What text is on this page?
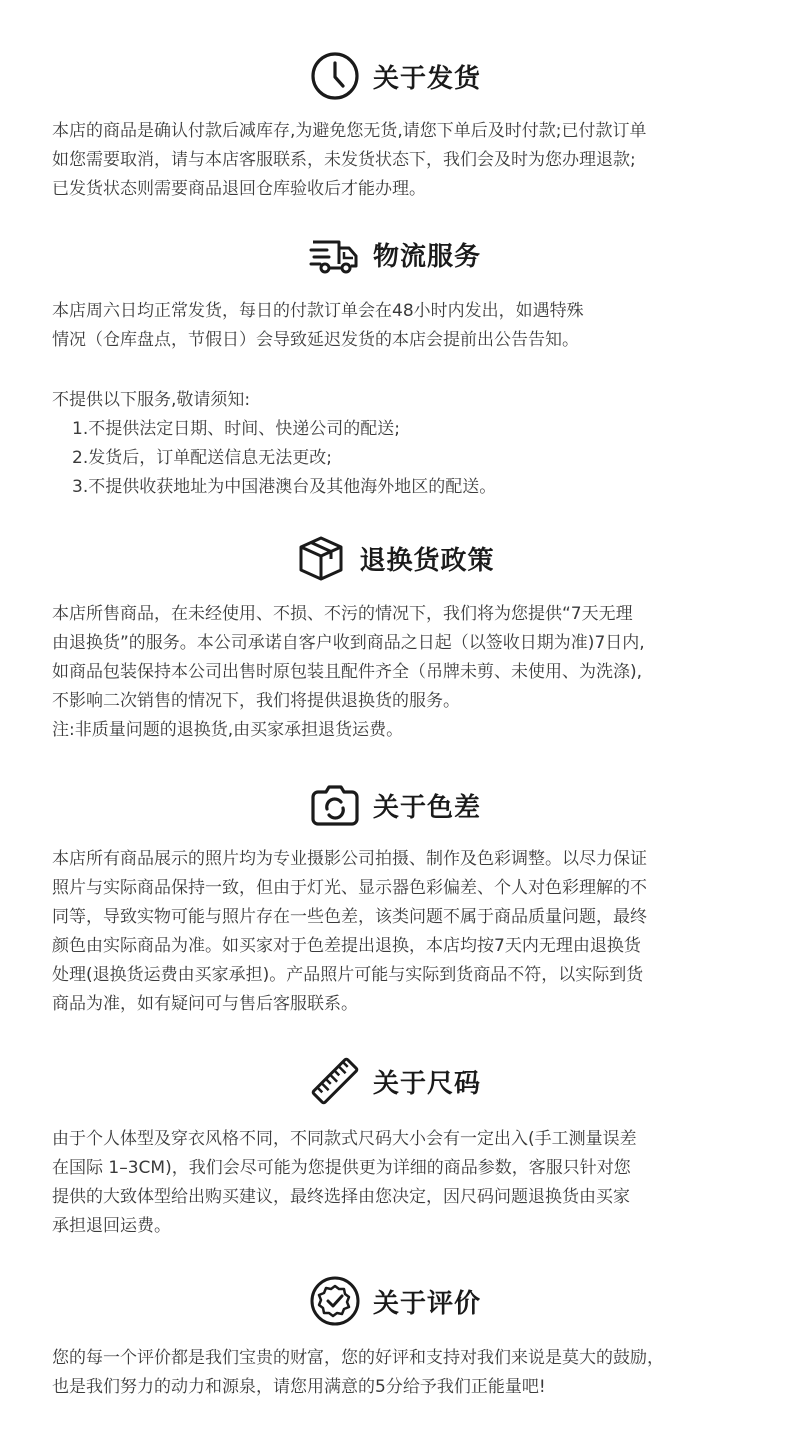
关于发货

本店的商品是确认付款后减库存,为避免您无货,请您下单后及时付款;已付款订单
如您需要取消，请与本店客服联系，未发货状态下，我们会及时为您办理退款;
已发货状态则需要商品退回仓库验收后才能办理。

物流服务

本店周六日均正常发货，每日的付款订单会在48小时内发出，如遇特殊
情况（仓库盘点，节假日）会导致延迟发货的本店会提前出公告告知。

不提供以下服务,敬请须知:
1.不提供法定日期、时间、快递公司的配送;
2.发货后，订单配送信息无法更改;
3.不提供收获地址为中国港澳台及其他海外地区的配送。
退换货政策

本店所售商品，在未经使用、不损、不污的情况下，我们将为您提供“7天无理
由退换货”的服务。本公司承诺自客户收到商品之日起（以签收日期为准)7日内,
如商品包装保持本公司出售时原包装且配件齐全（吊牌未剪、未使用、为洗涤),
不影响二次销售的情况下，我们将提供退换货的服务。
注:非质量问题的退换货,由买家承担退货运费。

关于色差

本店所有商品展示的照片均为专业摄影公司拍摄、制作及色彩调整。以尽力保证
照片与实际商品保持一致，但由于灯光、显示器色彩偏差、个人对色彩理解的不
同等，导致实物可能与照片存在一些色差，该类问题不属于商品质量问题，最终
颜色由实际商品为准。如买家对于色差提出退换，本店均按7天内无理由退换货
处理(退换货运费由买家承担)。产品照片可能与实际到货商品不符，以实际到货
商品为准，如有疑问可与售后客服联系。

关于尺码

由于个人体型及穿衣风格不同，不同款式尺码大小会有一定出入(手工测量误差
在国际 1–3CM)，我们会尽可能为您提供更为详细的商品参数，客服只针对您
提供的大致体型给出购买建议，最终选择由您决定，因尺码问题退换货由买家
承担退回运费。

关于评价

您的每一个评价都是我们宝贵的财富，您的好评和支持对我们来说是莫大的鼓励，
也是我们努力的动力和源泉，请您用满意的5分给予我们正能量吧!
